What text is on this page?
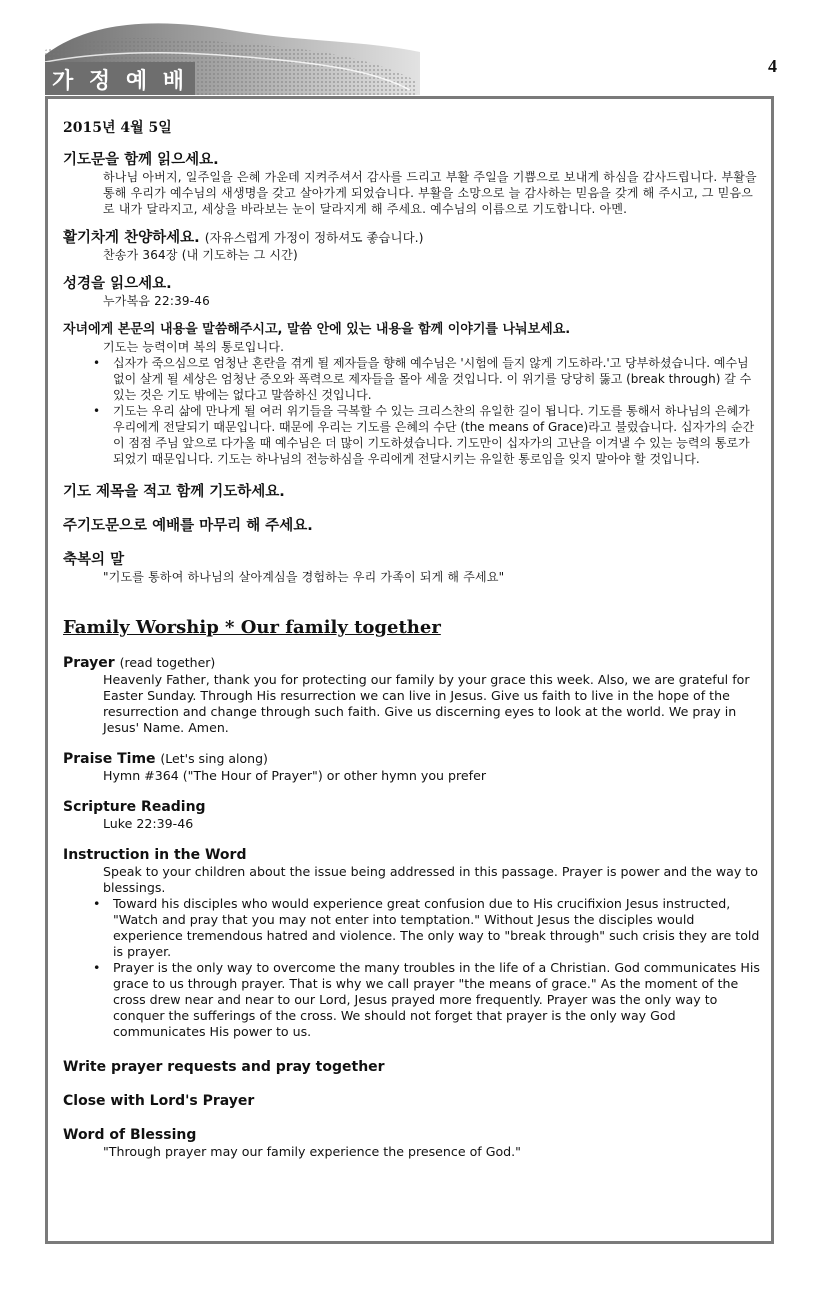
가 정 예 배
4
2015년 4월 5일
기도문을 함께 읽으세요.
하나님 아버지, 일주일을 은혜 가운데 지켜주셔서 감사를 드리고 부활 주일을 기쁨으로 보내게 하심을 감사드립니다. 부활을 통해 우리가 예수님의 새생명을 갖고 살아가게 되었습니다. 부활을 소망으로 늘 감사하는 믿음을 갖게 해 주시고, 그 믿음으로 내가 달라지고, 세상을 바라보는 눈이 달라지게 해 주세요. 예수님의 이름으로 기도합니다. 아멘.
활기차게 찬양하세요. (자유스럽게 가정이 정하셔도 좋습니다.)
찬송가 364장 (내 기도하는 그 시간)
성경을 읽으세요.
누가복음 22:39-46
자녀에게 본문의 내용을 말씀해주시고, 말씀 안에 있는 내용을 함께 이야기를 나눠보세요.
기도는 능력이며 복의 통로입니다.
• 십자가 죽으심으로 엄청난 혼란을 겪게 될 제자들을 향해 예수님은 '시험에 들지 않게 기도하라.'고 당부하셨습니다. 예수님 없이 살게 될 세상은 엄청난 증오와 폭력으로 제자들을 몰아 세울 것입니다. 이 위기를 당당히 뚫고 (break through) 갈 수 있는 것은 기도 밖에는 없다고 말씀하신 것입니다.
• 기도는 우리 삶에 만나게 될 여러 위기들을 극복할 수 있는 크리스찬의 유일한 길이 됩니다. 기도를 통해서 하나님의 은혜가 우리에게 전달되기 때문입니다. 때문에 우리는 기도를 은혜의 수단 (the means of Grace)라고 불렀습니다. 십자가의 순간이 점점 주님 앞으로 다가올 때 예수님은 더 많이 기도하셨습니다. 기도만이 십자가의 고난을 이겨낼 수 있는 능력의 통로가 되었기 때문입니다. 기도는 하나님의 전능하심을 우리에게 전달시키는 유일한 통로임을 잊지 말아야 할 것입니다.
기도 제목을 적고 함께 기도하세요.
주기도문으로 예배를 마무리 해 주세요.
축복의 말
"기도를 통하여 하나님의 살아계심을 경험하는 우리 가족이 되게 해 주세요"
Family Worship * Our family together
Prayer (read together)
Heavenly Father, thank you for protecting our family by your grace this week. Also, we are grateful for Easter Sunday. Through His resurrection we can live in Jesus. Give us faith to live in the hope of the resurrection and change through such faith. Give us discerning eyes to look at the world. We pray in Jesus' Name. Amen.
Praise Time (Let's sing along)
Hymn #364 ("The Hour of Prayer") or other hymn you prefer
Scripture Reading
Luke 22:39-46
Instruction in the Word
Speak to your children about the issue being addressed in this passage. Prayer is power and the way to blessings.
• Toward his disciples who would experience great confusion due to His crucifixion Jesus instructed, "Watch and pray that you may not enter into temptation." Without Jesus the disciples would experience tremendous hatred and violence. The only way to "break through" such crisis they are told is prayer.
• Prayer is the only way to overcome the many troubles in the life of a Christian. God communicates His grace to us through prayer. That is why we call prayer "the means of grace." As the moment of the cross drew near and near to our Lord, Jesus prayed more frequently. Prayer was the only way to conquer the sufferings of the cross. We should not forget that prayer is the only way God communicates His power to us.
Write prayer requests and pray together
Close with Lord's Prayer
Word of Blessing
"Through prayer may our family experience the presence of God."
